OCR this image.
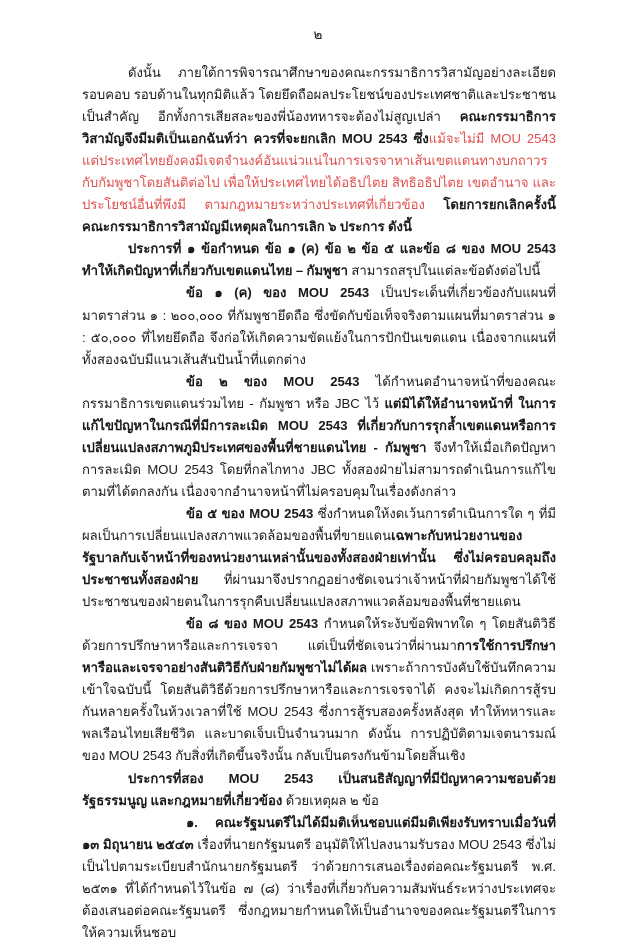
๒

ดังนั้น ภายใต้การพิจารณาศึกษาของคณะกรรมาธิการวิสามัญอย่างละเอียด รอบคอบ รอบด้านในทุกมิติแล้ว โดยยึดถือผลประโยชน์ของประเทศชาติและประชาชนเป็นสำคัญ อีกทั้งการเสียสละของพี่น้องทหารจะต้องไม่สูญเปล่า คณะกรรมาธิการวิสามัญจึงมีมติเป็นเอกฉันท์ว่า ควรที่จะยกเลิก MOU 2543 ซึ่งแม้จะไม่มี MOU 2543 แต่ประเทศไทยยังคงมีเจตจำนงค์อันแน่วแน่ในการเจรจาหาเส้นเขตแดนทางบกถาวรกับกัมพูชาโดยสันติต่อไป เพื่อให้ประเทศไทยได้อธิปไตย สิทธิอธิปไตย เขตอำนาจ และประโยชน์อื่นที่พึงมี ตามกฎหมายระหว่างประเทศที่เกี่ยวข้อง โดยการยกเลิกครั้งนี้ คณะกรรมาธิการวิสามัญมีเหตุผลในการเลิก ๖ ประการ ดังนี้

ประการที่ ๑ ข้อกำหนด ข้อ ๑ (ค) ข้อ ๒ ข้อ ๕ และข้อ ๘ ของ MOU 2543 ทำให้เกิดปัญหาที่เกี่ยวกับเขตแดนไทย – กัมพูชา สามารถสรุปในแต่ละข้อดังต่อไปนี้

ข้อ ๑ (ค) ของ MOU 2543 เป็นประเด็นที่เกี่ยวข้องกับแผนที่มาตราส่วน ๑ : ๒๐๐,๐๐๐ ที่กัมพูชายึดถือ ซึ่งขัดกับข้อเท็จจริงตามแผนที่มาตราส่วน ๑ : ๕๐,๐๐๐ ที่ไทยยึดถือ จึงก่อให้เกิดความขัดแย้งในการปักปันเขตแดน เนื่องจากแผนที่ทั้งสองฉบับมีแนวเส้นสันปันน้ำที่แตกต่าง

ข้อ ๒ ของ MOU 2543 ได้กำหนดอำนาจหน้าที่ของคณะกรรมาธิการเขตแดนร่วมไทย - กัมพูชา หรือ JBC ไว้ แต่มิได้ให้อำนาจหน้าที่ ในการแก้ไขปัญหาในกรณีที่มีการละเมิด MOU 2543 ที่เกี่ยวกับการรุกล้ำเขตแดนหรือการเปลี่ยนแปลงสภาพภูมิประเทศของพื้นที่ชายแดนไทย - กัมพูชา จึงทำให้เมื่อเกิดปัญหาการละเมิด MOU 2543 โดยที่กลไกทาง JBC ทั้งสองฝ่ายไม่สามารถดำเนินการแก้ไขตามที่ได้ตกลงกัน เนื่องจากอำนาจหน้าที่ไม่ครอบคุมในเรื่องดังกล่าว

ข้อ ๕ ของ MOU 2543 ซึ่งกำหนดให้งดเว้นการดำเนินการใด ๆ ที่มีผลเป็นการเปลี่ยนแปลงสภาพแวดล้อมของพื้นที่ขายแดนเฉพาะกับหน่วยงานของรัฐบาลกับเจ้าหน้าที่ของหน่วยงานเหล่านั้นของทั้งสองฝ่ายเท่านั้น ซึ่งไม่ครอบคลุมถึงประชาชนทั้งสองฝ่าย ที่ผ่านมาจึงปรากฏอย่างชัดเจนว่าเจ้าหน้าที่ฝ่ายกัมพูชาได้ใช้ประชาชนของฝ่ายตนในการรุกคืบเปลี่ยนแปลงสภาพแวดล้อมของพื้นที่ชายแดน

ข้อ ๘ ของ MOU 2543 กำหนดให้ระงับข้อพิพาทใด ๆ โดยสันติวิธีด้วยการปรึกษาหารือและการเจรจา แต่เป็นที่ชัดเจนว่าที่ผ่านมาการใช้การปรึกษาหารือและเจรจาอย่างสันติวิธีกับฝ่ายกัมพูชาไม่ได้ผล เพราะถ้าการบังคับใช้บันทึกความเข้าใจฉบับนี้ โดยสันติวิธีด้วยการปรึกษาหารือและการเจรจาได้ คงจะไม่เกิดการสู้รบกันหลายครั้งในห้วงเวลาที่ใช้ MOU 2543 ซึ่งการสู้รบสองครั้งหลังสุด ทำให้ทหารและพลเรือนไทยเสียชีวิต และบาดเจ็บเป็นจำนวนมาก ดังนั้น การปฏิบัติตามเจตนารมณ์ของ MOU 2543 กับสิ่งที่เกิดขึ้นจริงนั้น กลับเป็นตรงกันข้ามโดยสิ้นเชิง

ประการที่สอง MOU 2543 เป็นสนธิสัญญาที่มีปัญหาความชอบด้วยรัฐธรรมนูญ และกฎหมายที่เกี่ยวข้อง ด้วยเหตุผล ๒ ข้อ

๑. คณะรัฐมนตรีไม่ได้มีมติเห็นชอบแต่มีมติเพียงรับทราบเมื่อวันที่ ๑๓ มิถุนายน ๒๕๔๓ เรื่องที่นายกรัฐมนตรี อนุมัติให้ไปลงนามรับรอง MOU 2543 ซึ่งไม่เป็นไปตามระเบียบสำนักนายกรัฐมนตรี ว่าด้วยการเสนอเรื่องต่อคณะรัฐมนตรี พ.ศ. ๒๕๓๑ ที่ได้กำหนดไว้ในข้อ ๗ (๘) ว่าเรื่องที่เกี่ยวกับความสัมพันธ์ระหว่างประเทศจะต้องเสนอต่อคณะรัฐมนตรี ซึ่งกฎหมายกำหนดให้เป็นอำนาจของคณะรัฐมนตรีในการให้ความเห็นชอบ
